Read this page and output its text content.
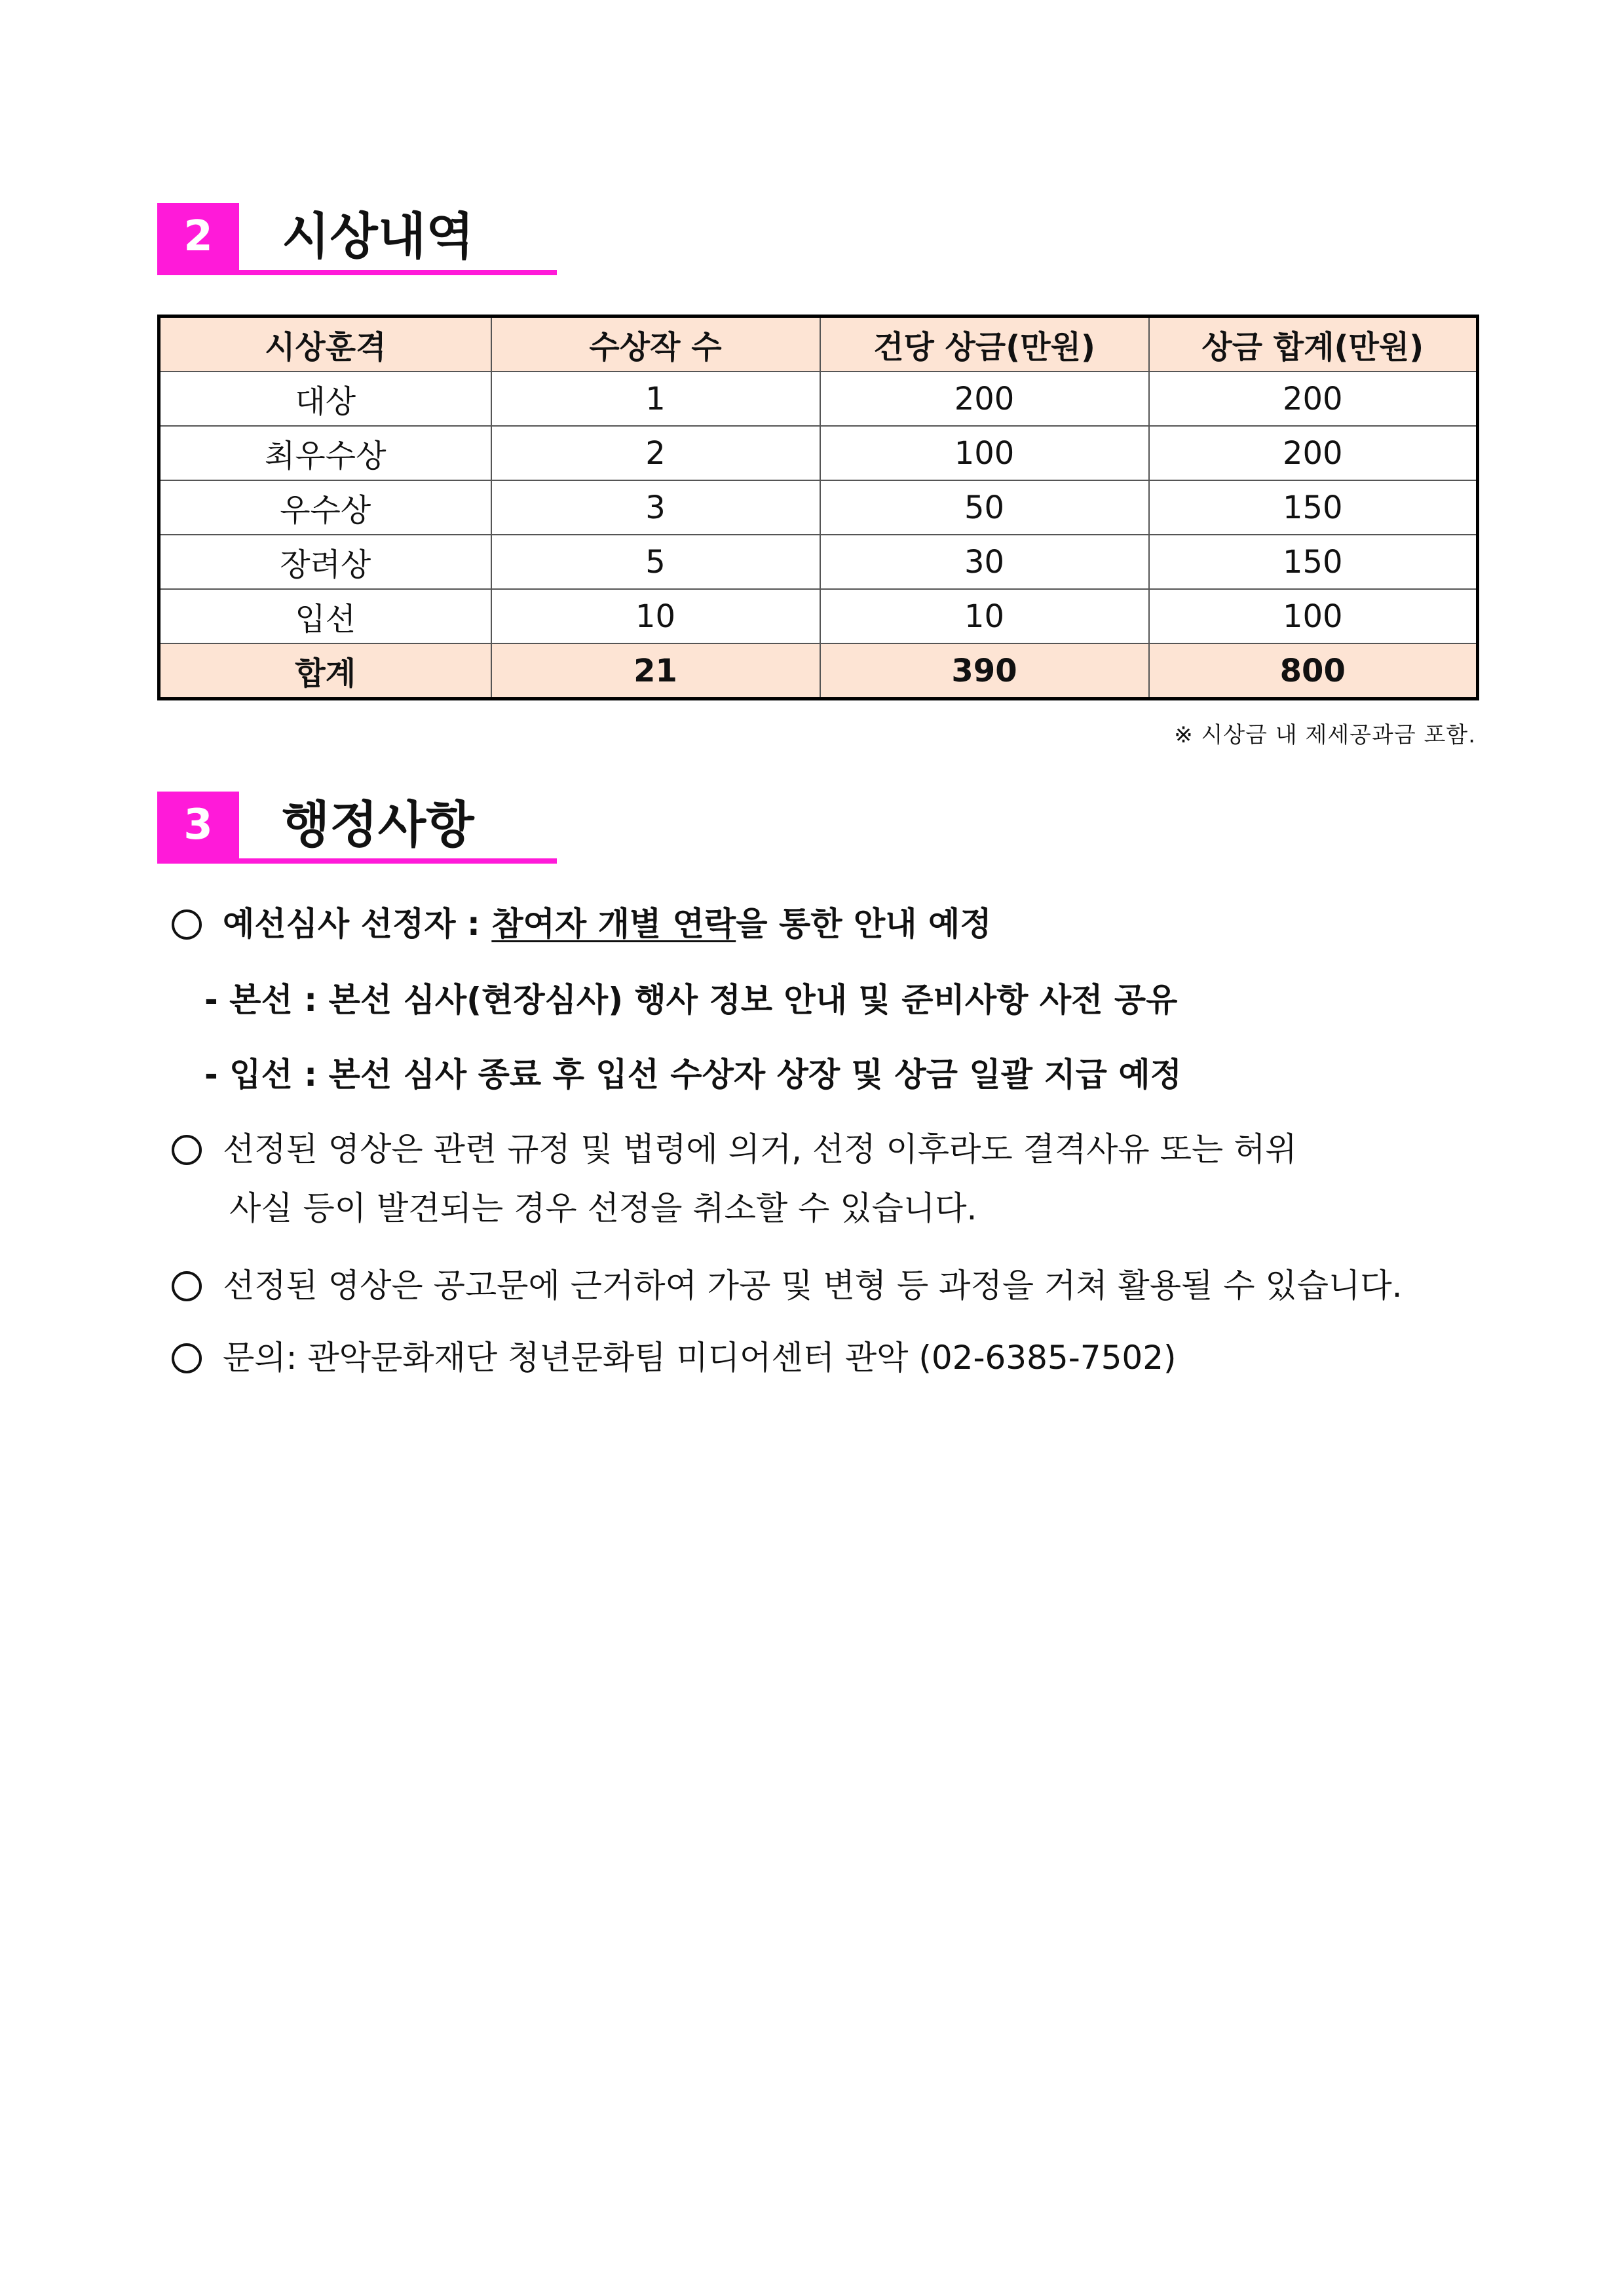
2	시상내역
시상훈격	수상작 수	건당 상금(만원)	상금 합계(만원)
대상	1	200	200
최우수상	2	100	200
우수상	3	50	150
장려상	5	30	150
입선	10	10	100
합계	21	390	800
※ 시상금 내 제세공과금 포함.
3	행정사항
예선심사 선정자 : 참여자 개별 연락을 통한 안내 예정
- 본선 : 본선 심사(현장심사) 행사 정보 안내 및 준비사항 사전 공유
- 입선 : 본선 심사 종료 후 입선 수상자 상장 및 상금 일괄 지급 예정
선정된 영상은 관련 규정 및 법령에 의거, 선정 이후라도 결격사유 또는 허위
사실 등이 발견되는 경우 선정을 취소할 수 있습니다.
선정된 영상은 공고문에 근거하여 가공 및 변형 등 과정을 거쳐 활용될 수 있습니다.
문의: 관악문화재단 청년문화팀 미디어센터 관악 (02-6385-7502)
